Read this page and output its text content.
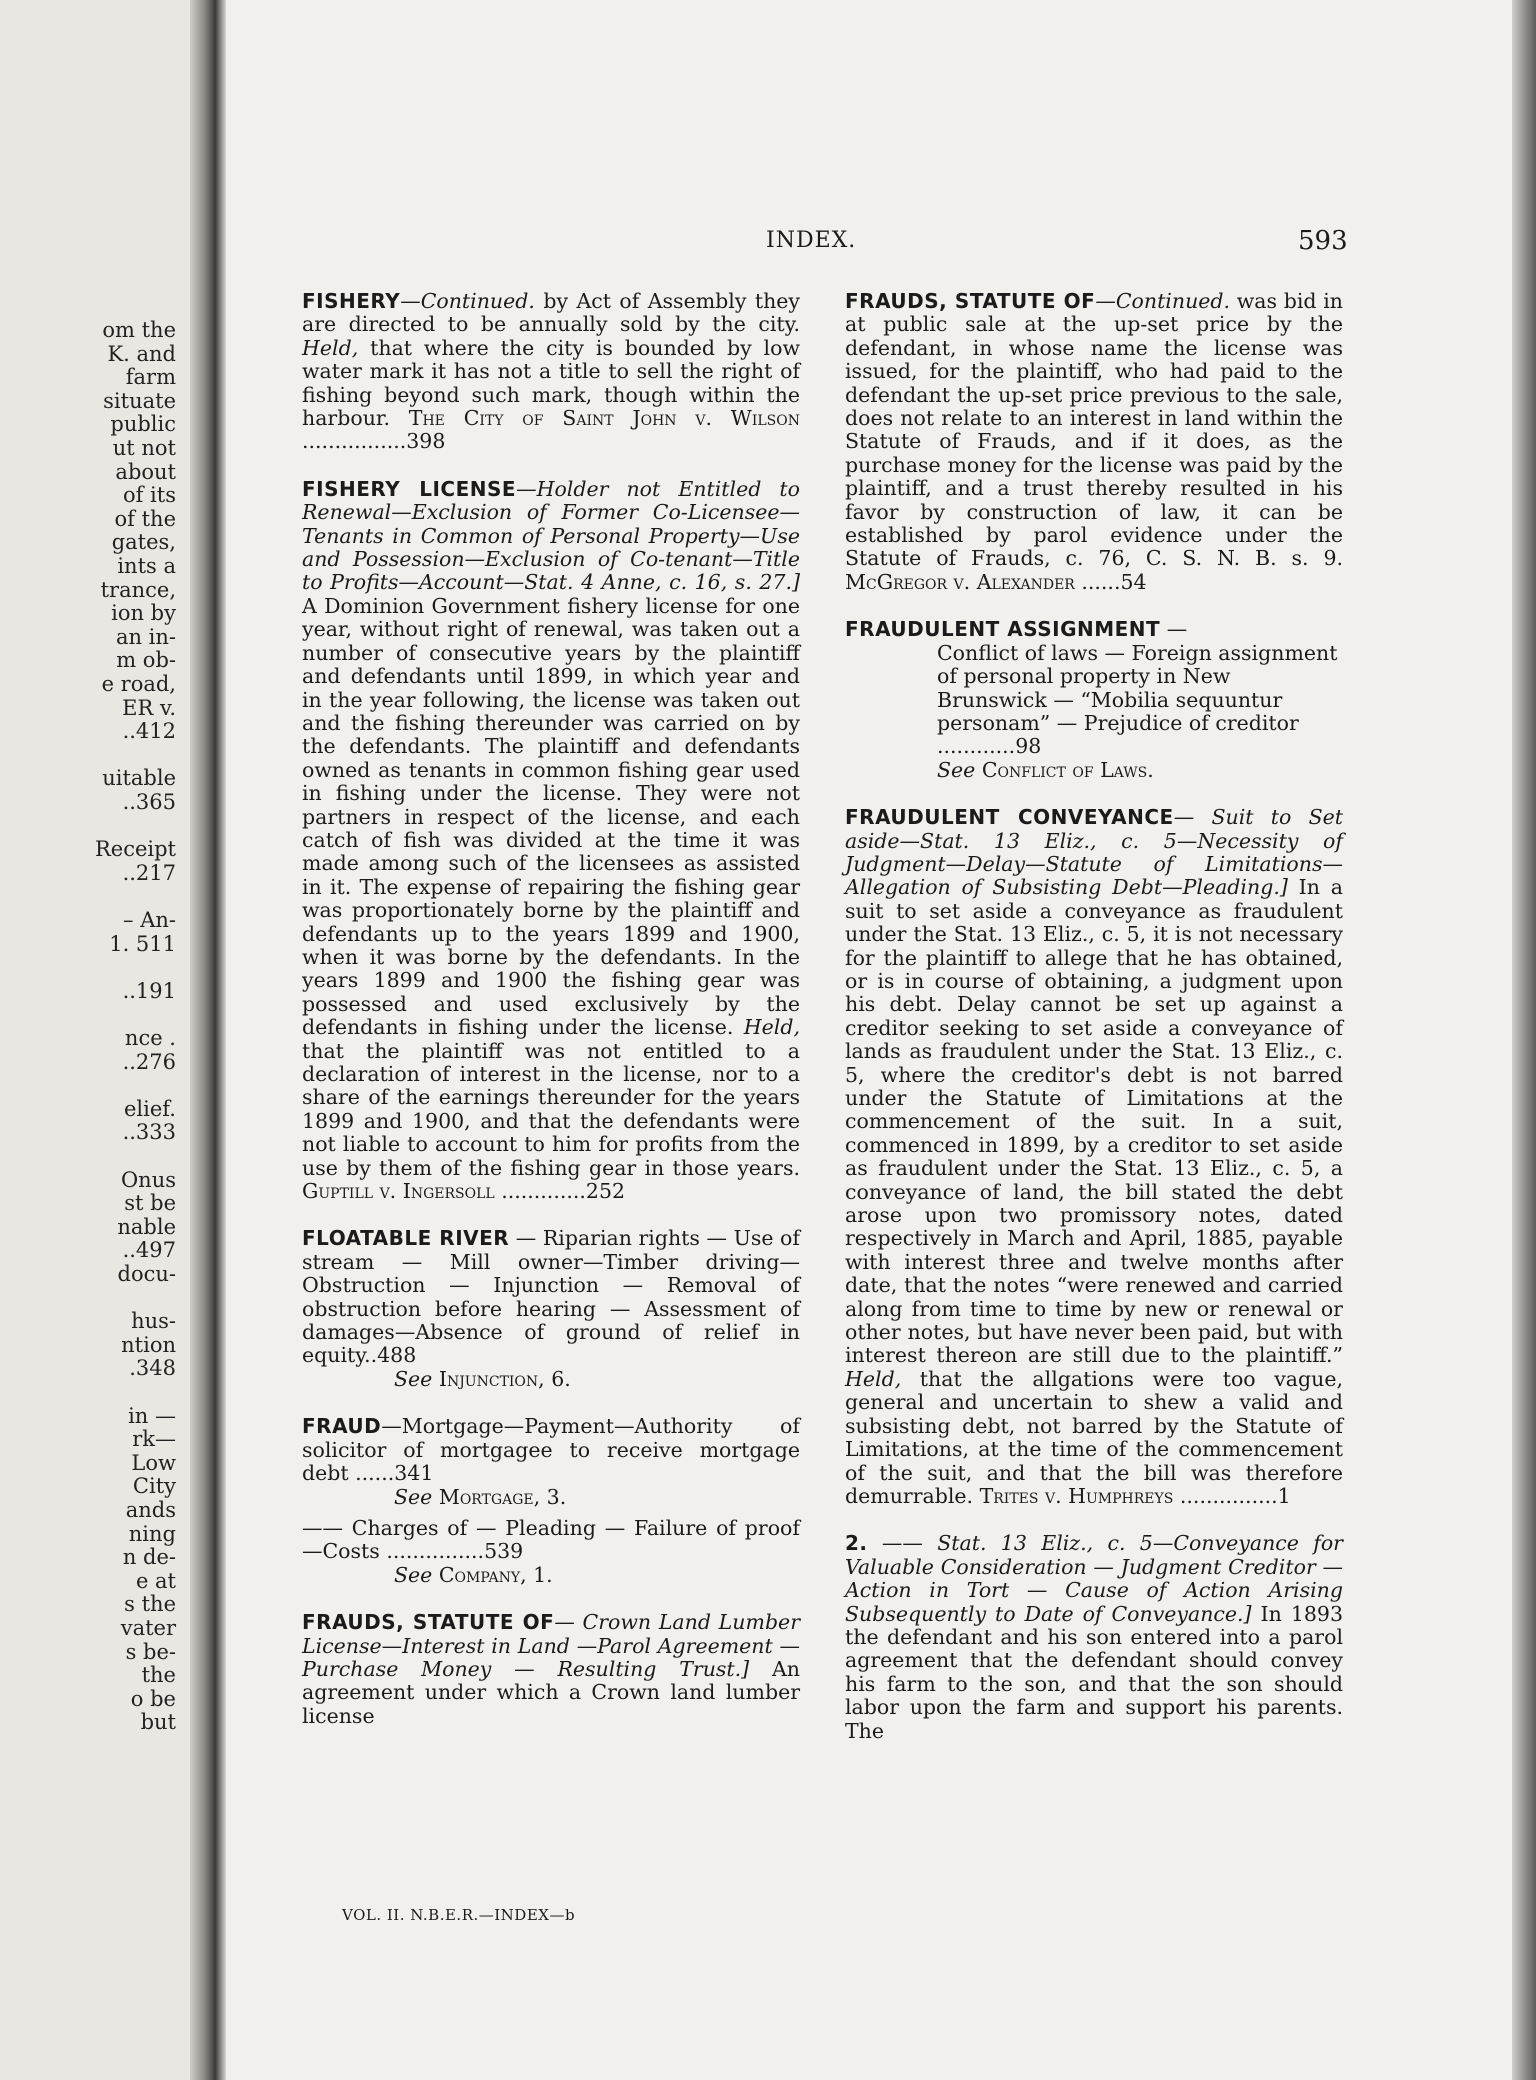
om the
K. and
farm
situate
public
ut not
about
of its
of the
gates,
ints a
trance,
ion by
an in-
m ob-
e road,
ER v.
..412
uitable
..365
Receipt
..217
– An-
1. 511
..191
nce .
..276
elief.
..333
Onus
st be
nable
..497
docu-
hus-
ntion
.348
in —
rk—
Low
City
ands
ning
n de-
e at
s the
vater
s be-
the
o be
but
INDEX.	593
FISHERY—Continued. by Act of Assembly they are directed to be annually sold by the city. Held, that where the city is bounded by low water mark it has not a title to sell the right of fishing beyond such mark, though within the harbour. The City of Saint John v. Wilson ................398
FISHERY LICENSE—Holder not Entitled to Renewal—Exclusion of Former Co-Licensee—Tenants in Common of Personal Property—Use and Possession—Exclusion of Co-tenant—Title to Profits—Account—Stat. 4 Anne, c. 16, s. 27.] A Dominion Government fishery license for one year, without right of renewal, was taken out a number of consecutive years by the plaintiff and defendants until 1899, in which year and in the year following, the license was taken out and the fishing thereunder was carried on by the defendants. The plaintiff and defendants owned as tenants in common fishing gear used in fishing under the license. They were not partners in respect of the license, and each catch of fish was divided at the time it was made among such of the licensees as assisted in it. The expense of repairing the fishing gear was proportionately borne by the plaintiff and defendants up to the years 1899 and 1900, when it was borne by the defendants. In the years 1899 and 1900 the fishing gear was possessed and used exclusively by the defendants in fishing under the license. Held, that the plaintiff was not entitled to a declaration of interest in the license, nor to a share of the earnings thereunder for the years 1899 and 1900, and that the defendants were not liable to account to him for profits from the use by them of the fishing gear in those years. Guptill v. Ingersoll .............252
FLOATABLE RIVER — Riparian rights — Use of stream — Mill owner—Timber driving—Obstruction — Injunction — Removal of obstruction before hearing — Assessment of damages—Absence of ground of relief in equity..488
See Injunction, 6.
FRAUD—Mortgage—Payment—Authority of solicitor of mortgagee to receive mortgage debt ......341
See Mortgage, 3.
—— Charges of — Pleading — Failure of proof—Costs ...............539
See Company, 1.
FRAUDS, STATUTE OF— Crown Land Lumber License—Interest in Land —Parol Agreement — Purchase Money — Resulting Trust.] An agreement under which a Crown land lumber license
FRAUDS, STATUTE OF—Continued. was bid in at public sale at the up-set price by the defendant, in whose name the license was issued, for the plaintiff, who had paid to the defendant the up-set price previous to the sale, does not relate to an interest in land within the Statute of Frauds, and if it does, as the purchase money for the license was paid by the plaintiff, and a trust thereby resulted in his favor by construction of law, it can be established by parol evidence under the Statute of Frauds, c. 76, C. S. N. B. s. 9. McGregor v. Alexander ......54
FRAUDULENT ASSIGNMENT —
Conflict of laws — Foreign assignment of personal property in New Brunswick — “Mobilia sequuntur personam” — Prejudice of creditor ............98
See Conflict of Laws.
FRAUDULENT CONVEYANCE— Suit to Set aside—Stat. 13 Eliz., c. 5—Necessity of Judgment—Delay—Statute of Limitations—Allegation of Subsisting Debt—Pleading.] In a suit to set aside a conveyance as fraudulent under the Stat. 13 Eliz., c. 5, it is not necessary for the plaintiff to allege that he has obtained, or is in course of obtaining, a judgment upon his debt. Delay cannot be set up against a creditor seeking to set aside a conveyance of lands as fraudulent under the Stat. 13 Eliz., c. 5, where the creditor's debt is not barred under the Statute of Limitations at the commencement of the suit. In a suit, commenced in 1899, by a creditor to set aside as fraudulent under the Stat. 13 Eliz., c. 5, a conveyance of land, the bill stated the debt arose upon two promissory notes, dated respectively in March and April, 1885, payable with interest three and twelve months after date, that the notes “were renewed and carried along from time to time by new or renewal or other notes, but have never been paid, but with interest thereon are still due to the plaintiff.” Held, that the allgations were too vague, general and uncertain to shew a valid and subsisting debt, not barred by the Statute of Limitations, at the time of the commencement of the suit, and that the bill was therefore demurrable. Trites v. Humphreys ...............1
2. —— Stat. 13 Eliz., c. 5—Conveyance for Valuable Consideration — Judgment Creditor — Action in Tort — Cause of Action Arising Subsequently to Date of Conveyance.] In 1893 the defendant and his son entered into a parol agreement that the defendant should convey his farm to the son, and that the son should labor upon the farm and support his parents. The
VOL. II. N.B.E.R.—INDEX—b
